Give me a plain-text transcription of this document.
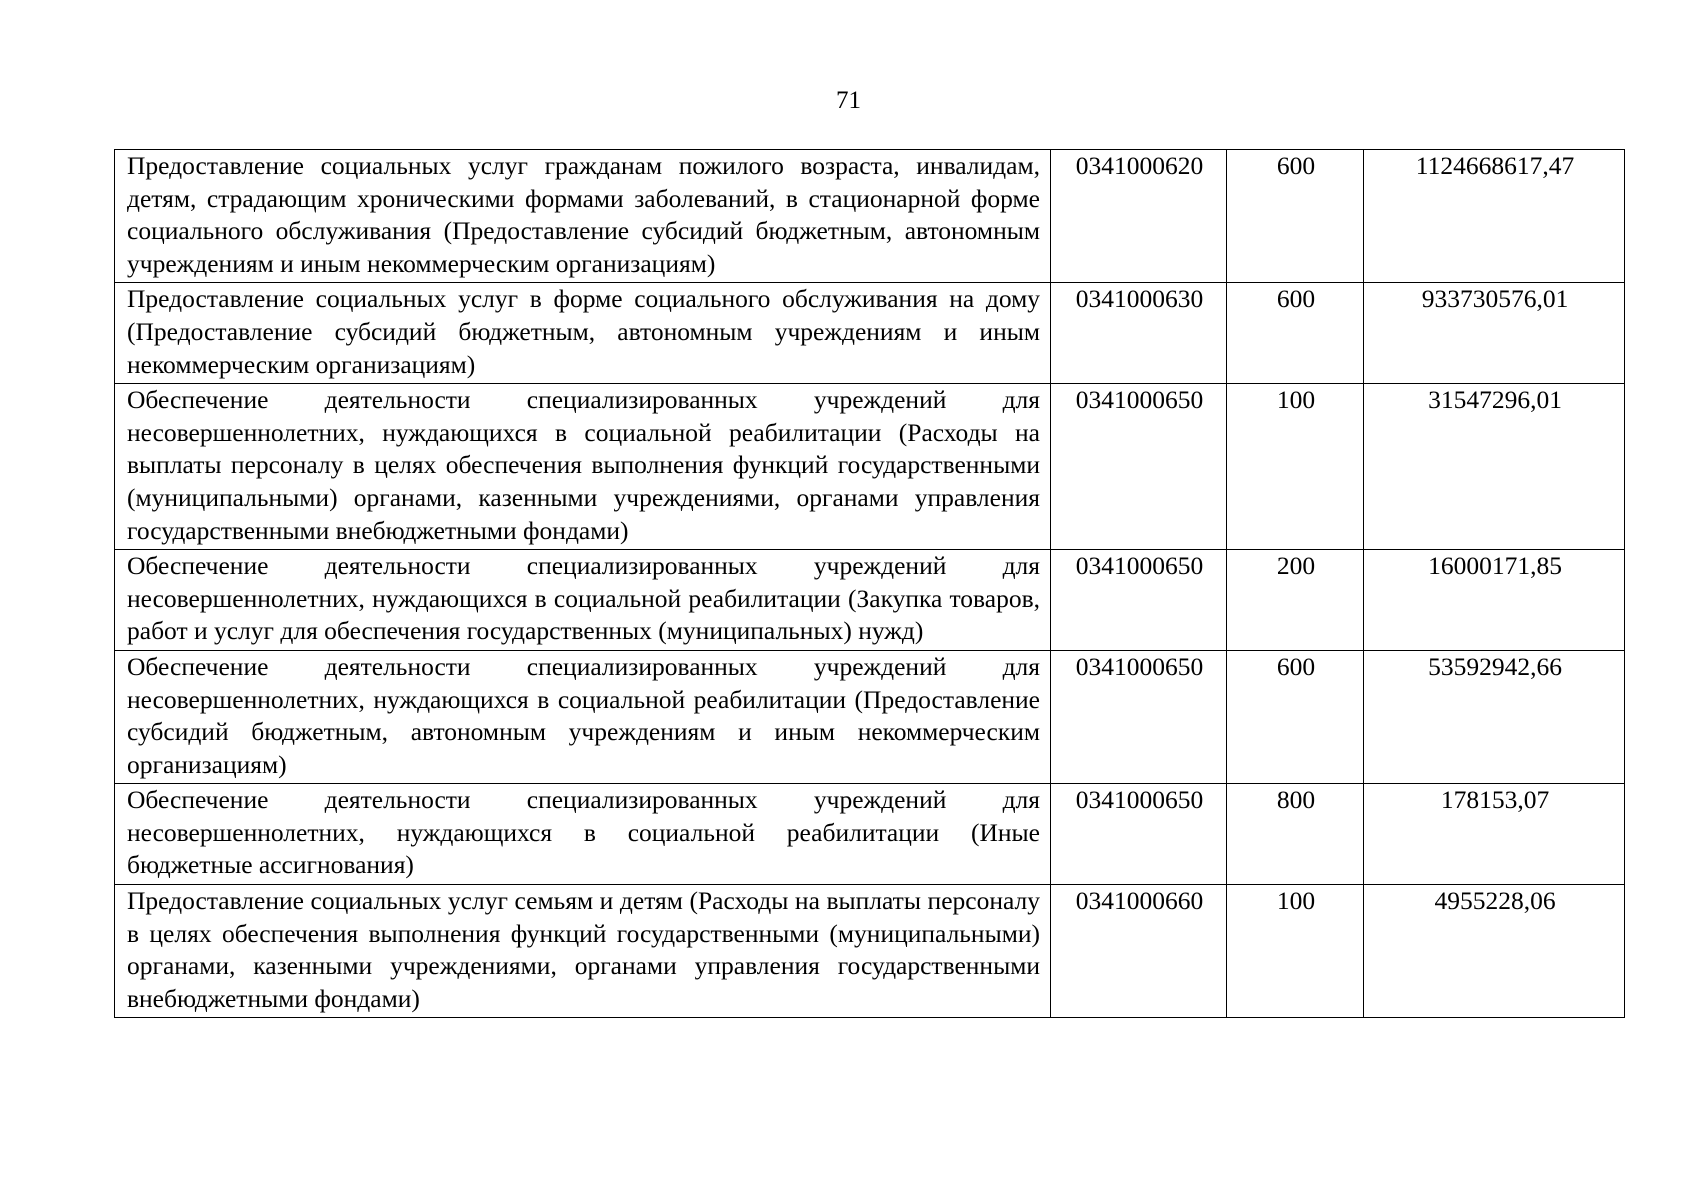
71
Предоставление социальных услуг гражданам пожилого возраста, инвалидам, детям, страдающим хроническими формами заболеваний, в стационарной форме социального обслуживания (Предоставление субсидий бюджетным, автономным учреждениям и иным некоммерческим организациям)	0341000620	600	1124668617,47
Предоставление социальных услуг в форме социального обслуживания на дому (Предоставление субсидий бюджетным, автономным учреждениям и иным некоммерческим организациям)	0341000630	600	933730576,01
Обеспечение деятельности специализированных учреждений для несовершеннолетних, нуждающихся в социальной реабилитации (Расходы на выплаты персоналу в целях обеспечения выполнения функций государственными (муниципальными) органами, казенными учреждениями, органами управления государственными внебюджетными фондами)	0341000650	100	31547296,01
Обеспечение деятельности специализированных учреждений для несовершеннолетних, нуждающихся в социальной реабилитации (Закупка товаров, работ и услуг для обеспечения государственных (муниципальных) нужд)	0341000650	200	16000171,85
Обеспечение деятельности специализированных учреждений для несовершеннолетних, нуждающихся в социальной реабилитации (Предоставление субсидий бюджетным, автономным учреждениям и иным некоммерческим организациям)	0341000650	600	53592942,66
Обеспечение деятельности специализированных учреждений для несовершеннолетних, нуждающихся в социальной реабилитации (Иные бюджетные ассигнования)	0341000650	800	178153,07
Предоставление социальных услуг семьям и детям (Расходы на выплаты персоналу в целях обеспечения выполнения функций государственными (муниципальными) органами, казенными учреждениями, органами управления государственными внебюджетными фондами)	0341000660	100	4955228,06
